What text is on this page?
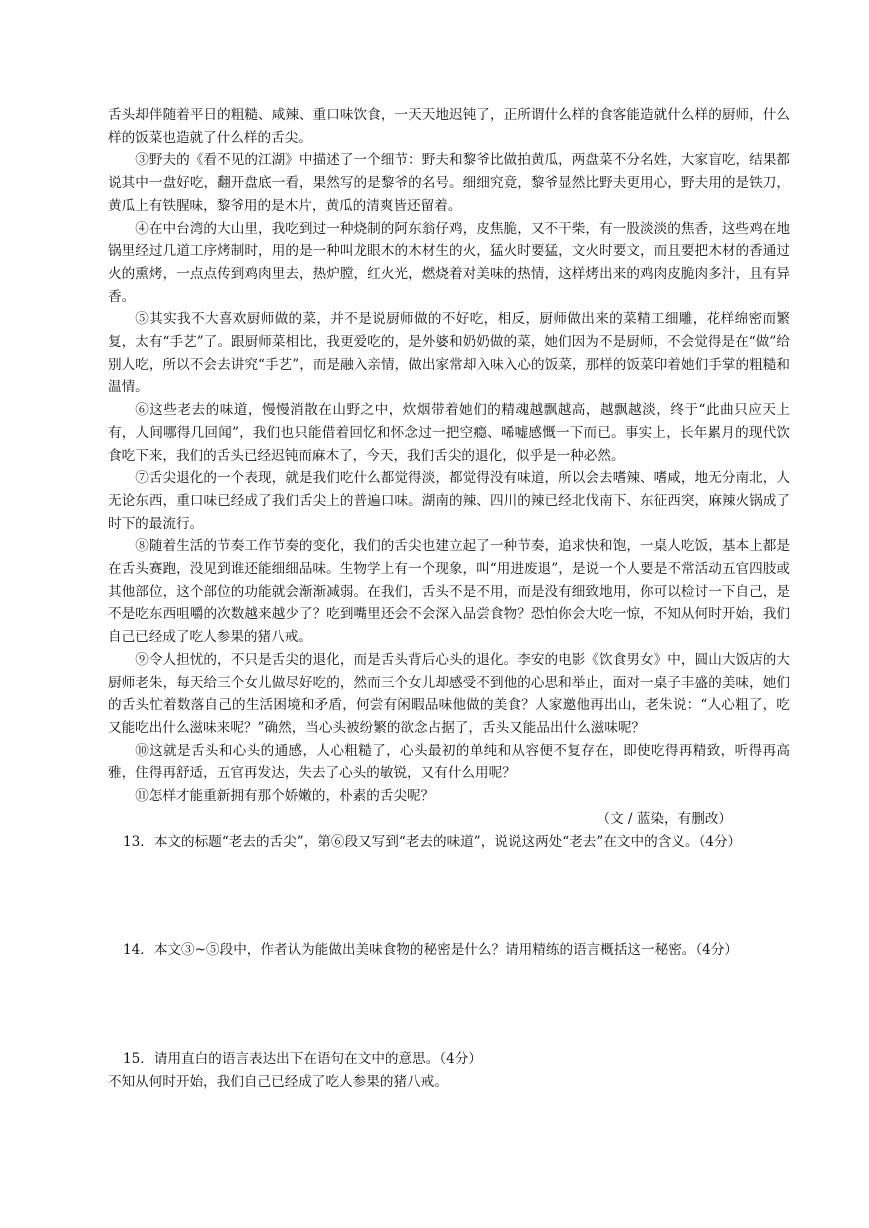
舌头却伴随着平日的粗糙、咸辣、重口味饮食，一天天地迟钝了，正所谓什么样的食客能造就什么样的厨师，什么样的饭菜也造就了什么样的舌尖。

③野夫的《看不见的江湖》中描述了一个细节：野夫和黎爷比做拍黄瓜，两盘菜不分名姓，大家盲吃，结果都说其中一盘好吃，翻开盘底一看，果然写的是黎爷的名号。细细究竟，黎爷显然比野夫更用心，野夫用的是铁刀，黄瓜上有铁腥味，黎爷用的是木片，黄瓜的清爽皆还留着。

④在中台湾的大山里，我吃到过一种烧制的阿东翁仔鸡，皮焦脆，又不干柴，有一股淡淡的焦香，这些鸡在地锅里经过几道工序烤制时，用的是一种叫龙眼木的木材生的火，猛火时要猛，文火时要文，而且要把木材的香通过火的熏烤，一点点传到鸡肉里去，热炉膛，红火光，燃烧着对美味的热情，这样烤出来的鸡肉皮脆肉多汁，且有异香。

⑤其实我不大喜欢厨师做的菜，并不是说厨师做的不好吃，相反，厨师做出来的菜精工细雕，花样绵密而繁复，太有“手艺”了。跟厨师菜相比，我更爱吃的，是外婆和奶奶做的菜，她们因为不是厨师，不会觉得是在“做”给别人吃，所以不会去讲究“手艺”，而是融入亲情，做出家常却入味入心的饭菜，那样的饭菜印着她们手掌的粗糙和温情。

⑥这些老去的味道，慢慢消散在山野之中，炊烟带着她们的精魂越飘越高，越飘越淡，终于“此曲只应天上有，人间哪得几回闻”，我们也只能借着回忆和怀念过一把空瘾、唏嘘感慨一下而已。事实上，长年累月的现代饮食吃下来，我们的舌头已经迟钝而麻木了，今天，我们舌尖的退化，似乎是一种必然。

⑦舌尖退化的一个表现，就是我们吃什么都觉得淡，都觉得没有味道，所以会去嗜辣、嗜咸，地无分南北，人无论东西，重口味已经成了我们舌尖上的普遍口味。湖南的辣、四川的辣已经北伐南下、东征西突，麻辣火锅成了时下的最流行。

⑧随着生活的节奏工作节奏的变化，我们的舌尖也建立起了一种节奏，追求快和饱，一桌人吃饭，基本上都是在舌头赛跑，没见到谁还能细细品味。生物学上有一个现象，叫“用进废退”，是说一个人要是不常活动五官四肢或其他部位，这个部位的功能就会渐渐减弱。在我们，舌头不是不用，而是没有细致地用，你可以检讨一下自己，是不是吃东西咀嚼的次数越来越少了？吃到嘴里还会不会深入品尝食物？恐怕你会大吃一惊，不知从何时开始，我们自己已经成了吃人参果的猪八戒。

⑨令人担忧的，不只是舌尖的退化，而是舌头背后心头的退化。李安的电影《饮食男女》中，圆山大饭店的大厨师老朱，每天给三个女儿做尽好吃的，然而三个女儿却感受不到他的心思和举止，面对一桌子丰盛的美味，她们的舌头忙着数落自己的生活困境和矛盾，何尝有闲暇品味他做的美食？人家邀他再出山，老朱说：“人心粗了，吃又能吃出什么滋味来呢？”确然，当心头被纷繁的欲念占据了，舌头又能品出什么滋味呢？

⑩这就是舌头和心头的通感，人心粗糙了，心头最初的单纯和从容便不复存在，即使吃得再精致，听得再高雅，住得再舒适，五官再发达，失去了心头的敏锐，又有什么用呢？

⑪怎样才能重新拥有那个娇嫩的，朴素的舌尖呢？

（文 / 蓝染，有删改）

13．本文的标题“老去的舌尖”，第⑥段又写到“老去的味道”，说说这两处“老去”在文中的含义。（4分）

14．本文③~⑤段中，作者认为能做出美味食物的秘密是什么？请用精练的语言概括这一秘密。（4分）

15．请用直白的语言表达出下在语句在文中的意思。（4分）

不知从何时开始，我们自己已经成了吃人参果的猪八戒。
